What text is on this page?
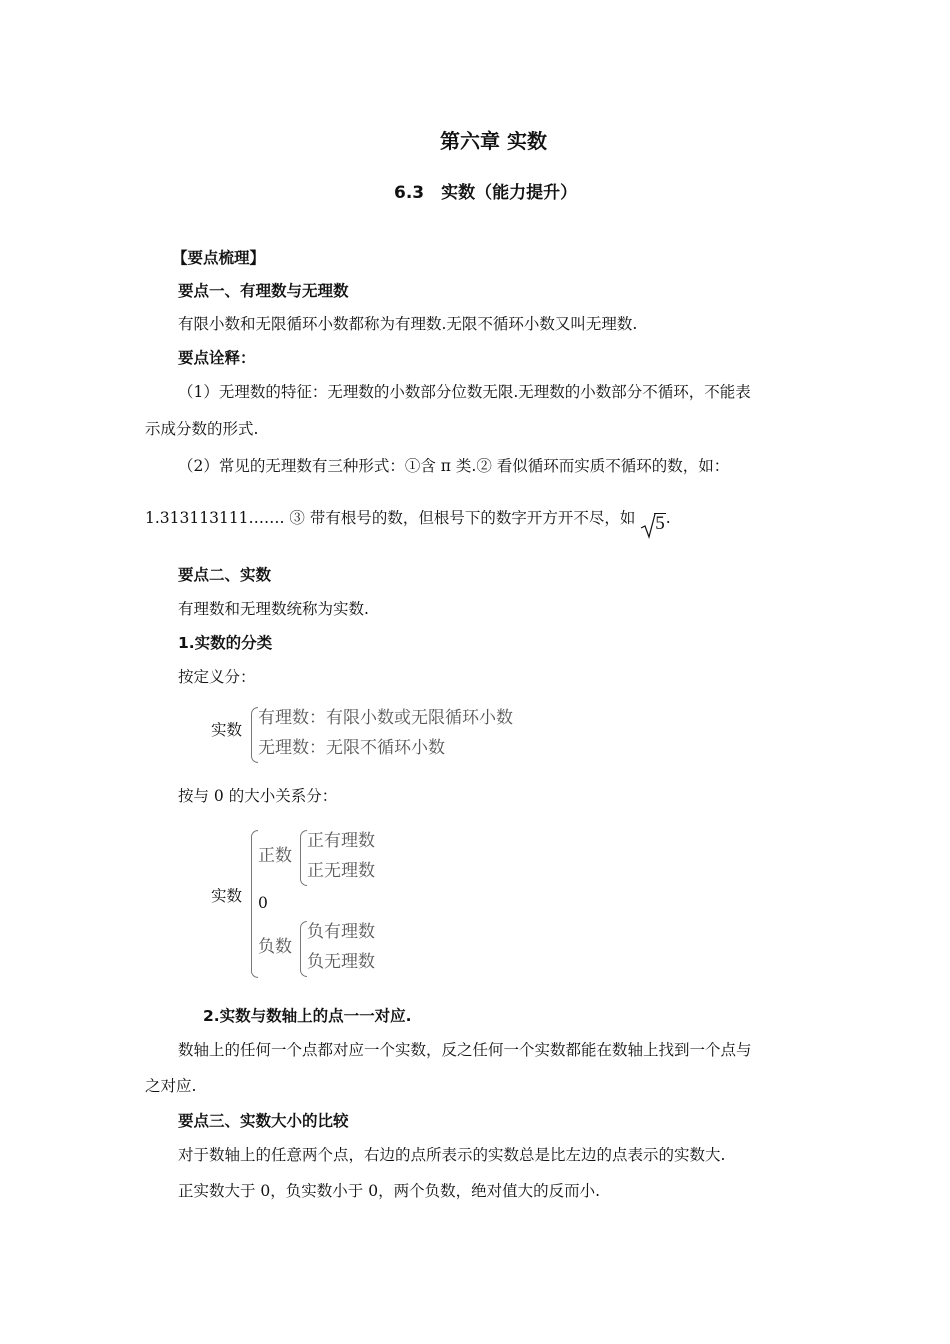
第六章 实数
6.3　实数（能力提升）
【要点梳理】
要点一、有理数与无理数
有限小数和无限循环小数都称为有理数.无限不循环小数又叫无理数.
要点诠释：
（1）无理数的特征：无理数的小数部分位数无限.无理数的小数部分不循环，不能表
示成分数的形式.
（2）常见的无理数有三种形式：①含 π 类.② 看似循环而实质不循环的数，如：
1.313113111……. ③ 带有根号的数，但根号下的数字开方开不尽，如 5.
要点二、实数
有理数和无理数统称为实数.
1.实数的分类
按定义分：
实数
有理数：有限小数或无限循环小数
无理数：无限不循环小数
按与 0 的大小关系分：
实数
正数
正有理数
正无理数
0
负数
负有理数
负无理数
2.实数与数轴上的点一一对应.
数轴上的任何一个点都对应一个实数，反之任何一个实数都能在数轴上找到一个点与
之对应.
要点三、实数大小的比较
对于数轴上的任意两个点，右边的点所表示的实数总是比左边的点表示的实数大.
正实数大于 0，负实数小于 0，两个负数，绝对值大的反而小.
